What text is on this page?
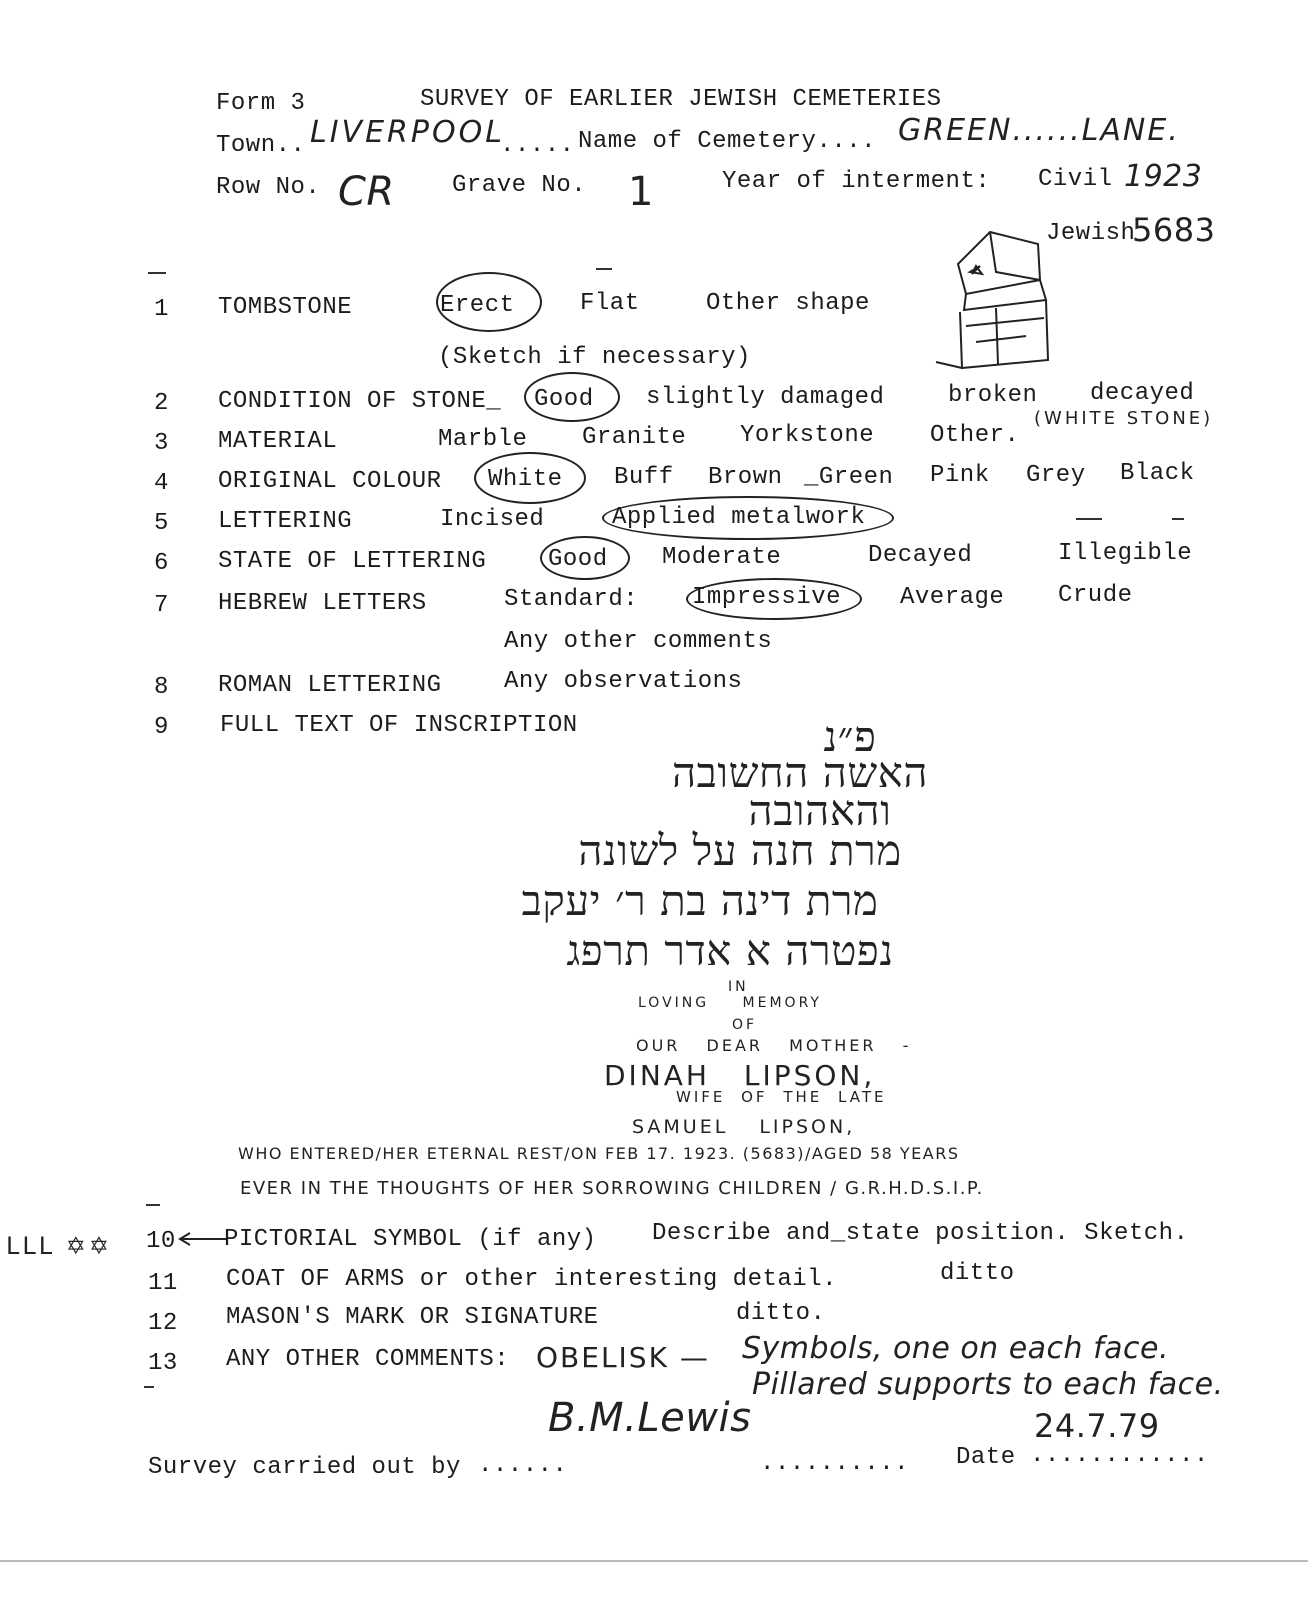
Form 3	SURVEY OF EARLIER JEWISH CEMETERIES
Town.. LIVERPOOL
..... Name of Cemetery.... GREEN......LANE.
Row No. CR Grave No. 1	Year of interment: Civil 1923
Jewish
5683
1 TOMBSTONE	Erect	Flat	Other shape
(Sketch if necessary)
2 CONDITION OF STONE_ Good slightly damaged	broken decayed
3 MATERIAL	Marble Granite Yorkstone Other.
(WHITE STONE)
4 ORIGINAL COLOUR White Buff Brown _Green Pink Grey Black
5 LETTERING	Incised	Applied metalwork
6 STATE OF LETTERING	Good Moderate	Decayed	Illegible
7 HEBREW LETTERS	Standard: Impressive Average Crude
Any other comments
8 ROMAN LETTERING	Any observations
9 FULL TEXT OF INSCRIPTION	פ״נ
האשה החשובה
והאהובה
מרת חנה על לשונה
מרת דינה בת ר׳ יעקב
נפטרה א אדר תרפג
IN
LOVING MEMORY
OF
OUR DEAR MOTHER -
DINAH LIPSON,
WIFE OF THE LATE
SAMUEL LIPSON,
WHO ENTERED/HER ETERNAL REST/ON FEB 17. 1923. (5683)/AGED 58 YEARS
EVER IN THE THOUGHTS OF HER SORROWING CHILDREN / G.R.H.D.S.I.P.
LLL ✡✡ 10 PICTORIAL SYMBOL (if any) Describe and_state position. Sketch.
11 COAT OF ARMS or other interesting detail.	ditto
12 MASON'S MARK OR SIGNATURE	ditto.
13 ANY OTHER COMMENTS: OBELISK — Symbols, one on each face.
Pillared supports to each face.
Survey carried out by ......
B.M.Lewis
.......... Date ............
24.7.79
